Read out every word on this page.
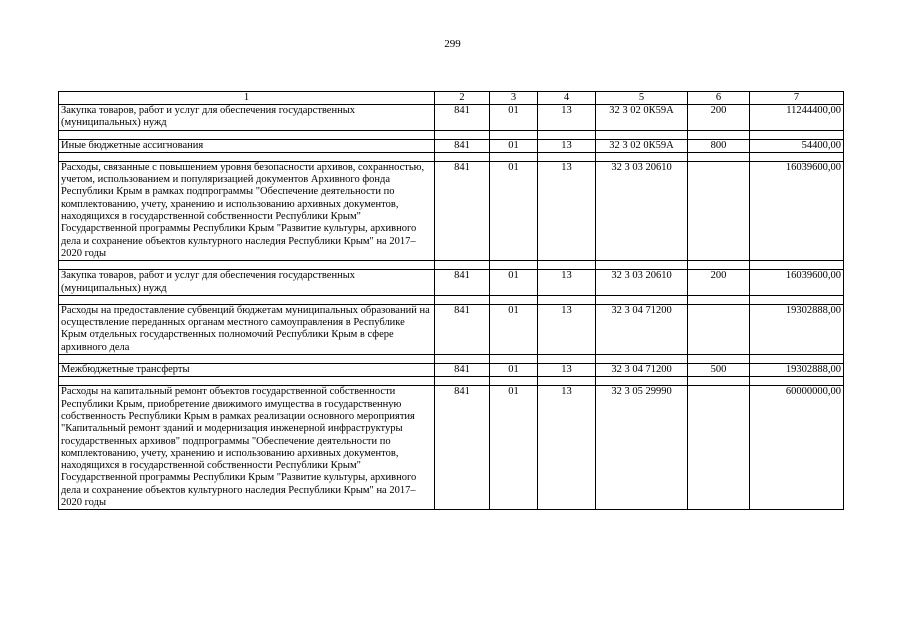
299
1	2	3	4	5	6	7
Закупка товаров, работ и услуг для обеспечения государственных (муниципальных) нужд	841	01	13	32 3 02 0К59А	200	11244400,00

Иные бюджетные ассигнования	841	01	13	32 3 02 0К59А	800	54400,00

Расходы, связанные с повышением уровня безопасности архивов, сохранностью, учетом, использованием и популяризацией документов Архивного фонда Республики Крым в рамках подпрограммы "Обеспечение деятельности по комплектованию, учету, хранению и использованию архивных документов, находящихся в государственной собственности Республики Крым" Государственной программы Республики Крым "Развитие культуры, архивного дела и сохранение объектов культурного наследия Республики Крым" на 2017–2020 годы	841	01	13	32 3 03 20610		16039600,00

Закупка товаров, работ и услуг для обеспечения государственных (муниципальных) нужд	841	01	13	32 3 03 20610	200	16039600,00

Расходы на предоставление субвенций бюджетам муниципальных образований на осуществление переданных органам местного самоуправления в Республике Крым отдельных государственных полномочий Республики Крым в сфере архивного дела	841	01	13	32 3 04 71200		19302888,00

Межбюджетные трансферты	841	01	13	32 3 04 71200	500	19302888,00

Расходы на капитальный ремонт объектов государственной собственности Республики Крым, приобретение движимого имущества в государственную собственность Республики Крым в рамках реализации основного мероприятия "Капитальный ремонт зданий и модернизация инженерной инфраструктуры государственных архивов" подпрограммы "Обеспечение деятельности по комплектованию, учету, хранению и использованию архивных документов, находящихся в государственной собственности Республики Крым" Государственной программы Республики Крым "Развитие культуры, архивного дела и сохранение объектов культурного наследия Республики Крым" на 2017–2020 годы	841	01	13	32 3 05 29990		60000000,00
